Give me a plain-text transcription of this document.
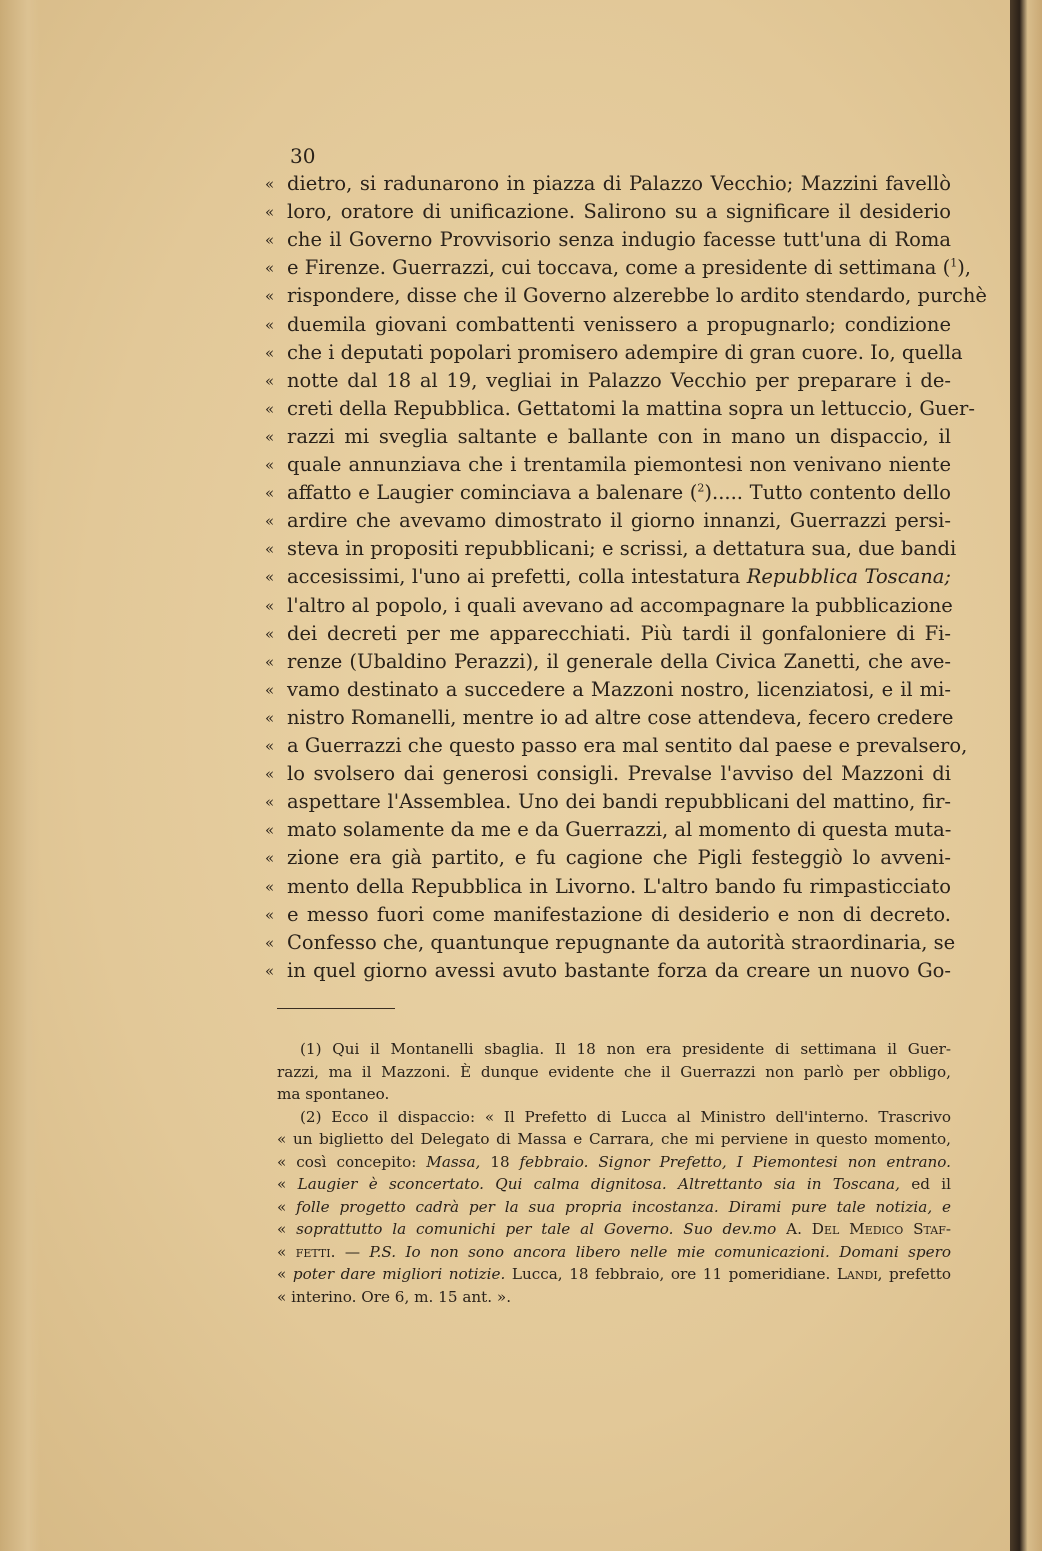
30
« dietro, si radunarono in piazza di Palazzo Vecchio; Mazzini favellò
« loro, oratore di unificazione. Salirono su a significare il desiderio
« che il Governo Provvisorio senza indugio facesse tutt'una di Roma
« e Firenze. Guerrazzi, cui toccava, come a presidente di settimana ($^1$),
« rispondere, disse che il Governo alzerebbe lo ardito stendardo, purchè
« duemila giovani combattenti venissero a propugnarlo; condizione
« che i deputati popolari promisero adempire di gran cuore. Io, quella
« notte dal 18 al 19, vegliai in Palazzo Vecchio per preparare i de-
« creti della Repubblica. Gettatomi la mattina sopra un lettuccio, Guer-
« razzi mi sveglia saltante e ballante con in mano un dispaccio, il
« quale annunziava che i trentamila piemontesi non venivano niente
« affatto e Laugier cominciava a balenare ($^2$)..... Tutto contento dello
« ardire che avevamo dimostrato il giorno innanzi, Guerrazzi persi-
« steva in propositi repubblicani; e scrissi, a dettatura sua, due bandi
« accesissimi, l'uno ai prefetti, colla intestatura Repubblica Toscana;
« l'altro al popolo, i quali avevano ad accompagnare la pubblicazione
« dei decreti per me apparecchiati. Più tardi il gonfaloniere di Fi-
« renze (Ubaldino Perazzi), il generale della Civica Zanetti, che ave-
« vamo destinato a succedere a Mazzoni nostro, licenziatosi, e il mi-
« nistro Romanelli, mentre io ad altre cose attendeva, fecero credere
« a Guerrazzi che questo passo era mal sentito dal paese e prevalsero,
« lo svolsero dai generosi consigli. Prevalse l'avviso del Mazzoni di
« aspettare l'Assemblea. Uno dei bandi repubblicani del mattino, fir-
« mato solamente da me e da Guerrazzi, al momento di questa muta-
« zione era già partito, e fu cagione che Pigli festeggiò lo avveni-
« mento della Repubblica in Livorno. L'altro bando fu rimpasticciato
« e messo fuori come manifestazione di desiderio e non di decreto.
« Confesso che, quantunque repugnante da autorità straordinaria, se
« in quel giorno avessi avuto bastante forza da creare un nuovo Go-
(1) Qui il Montanelli sbaglia. Il 18 non era presidente di settimana il Guer-
razzi, ma il Mazzoni. È dunque evidente che il Guerrazzi non parlò per obbligo,
ma spontaneo.
(2) Ecco il dispaccio: « Il Prefetto di Lucca al Ministro dell'interno. Trascrivo
« un biglietto del Delegato di Massa e Carrara, che mi perviene in questo momento,
« così concepito: Massa, 18 febbraio. Signor Prefetto, I Piemontesi non entrano.
« Laugier è sconcertato. Qui calma dignitosa. Altrettanto sia in Toscana, ed il
« folle progetto cadrà per la sua propria incostanza. Dirami pure tale notizia, e
« soprattutto la comunichi per tale al Governo. Suo dev.mo A. Del Medico Staf-
« fetti. — P.S. Io non sono ancora libero nelle mie comunicazioni. Domani spero
« poter dare migliori notizie. Lucca, 18 febbraio, ore 11 pomeridiane. Landi, prefetto
« interino. Ore 6, m. 15 ant. ».
